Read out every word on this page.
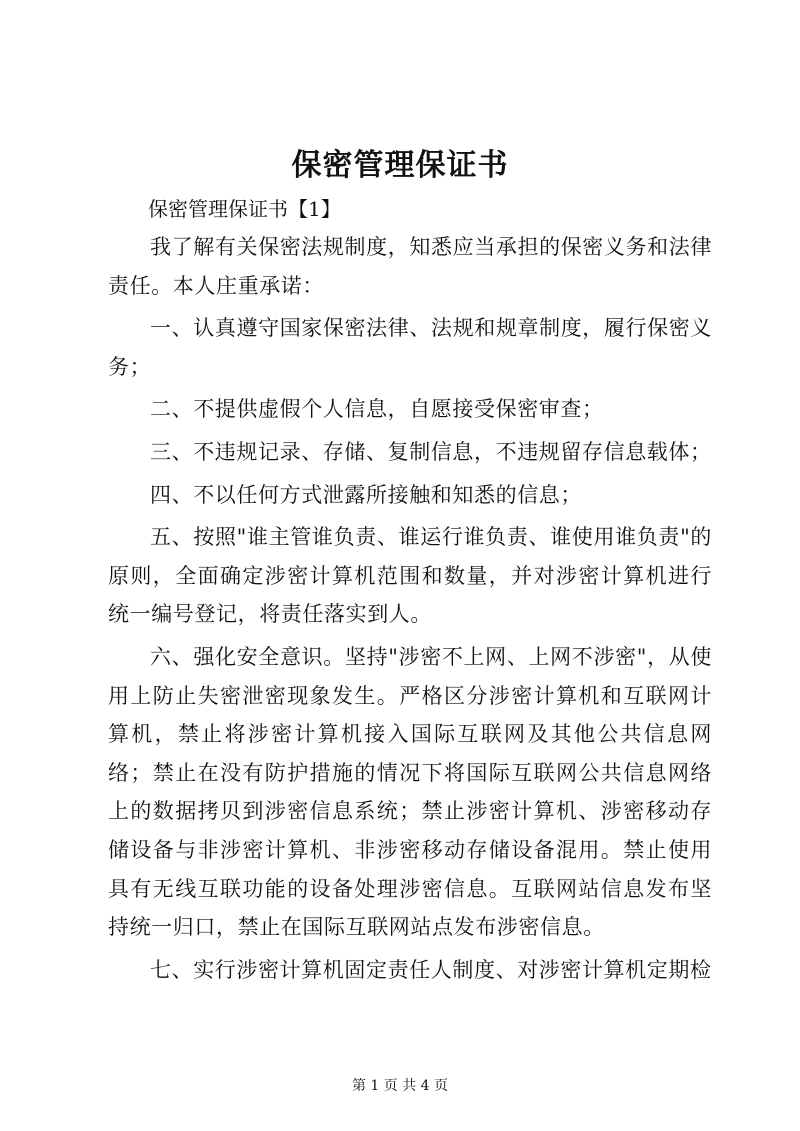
保密管理保证书

保密管理保证书【1】

我了解有关保密法规制度，知悉应当承担的保密义务和法律责任。本人庄重承诺：

一、认真遵守国家保密法律、法规和规章制度，履行保密义务；

二、不提供虚假个人信息，自愿接受保密审查；

三、不违规记录、存储、复制信息，不违规留存信息载体；

四、不以任何方式泄露所接触和知悉的信息；

五、按照"谁主管谁负责、谁运行谁负责、谁使用谁负责"的原则，全面确定涉密计算机范围和数量，并对涉密计算机进行统一编号登记，将责任落实到人。

六、强化安全意识。坚持"涉密不上网、上网不涉密"，从使用上防止失密泄密现象发生。严格区分涉密计算机和互联网计算机，禁止将涉密计算机接入国际互联网及其他公共信息网络；禁止在没有防护措施的情况下将国际互联网公共信息网络上的数据拷贝到涉密信息系统；禁止涉密计算机、涉密移动存储设备与非涉密计算机、非涉密移动存储设备混用。禁止使用具有无线互联功能的设备处理涉密信息。互联网站信息发布坚持统一归口，禁止在国际互联网站点发布涉密信息。

七、实行涉密计算机固定责任人制度、对涉密计算机定期检

第 1 页 共 4 页
